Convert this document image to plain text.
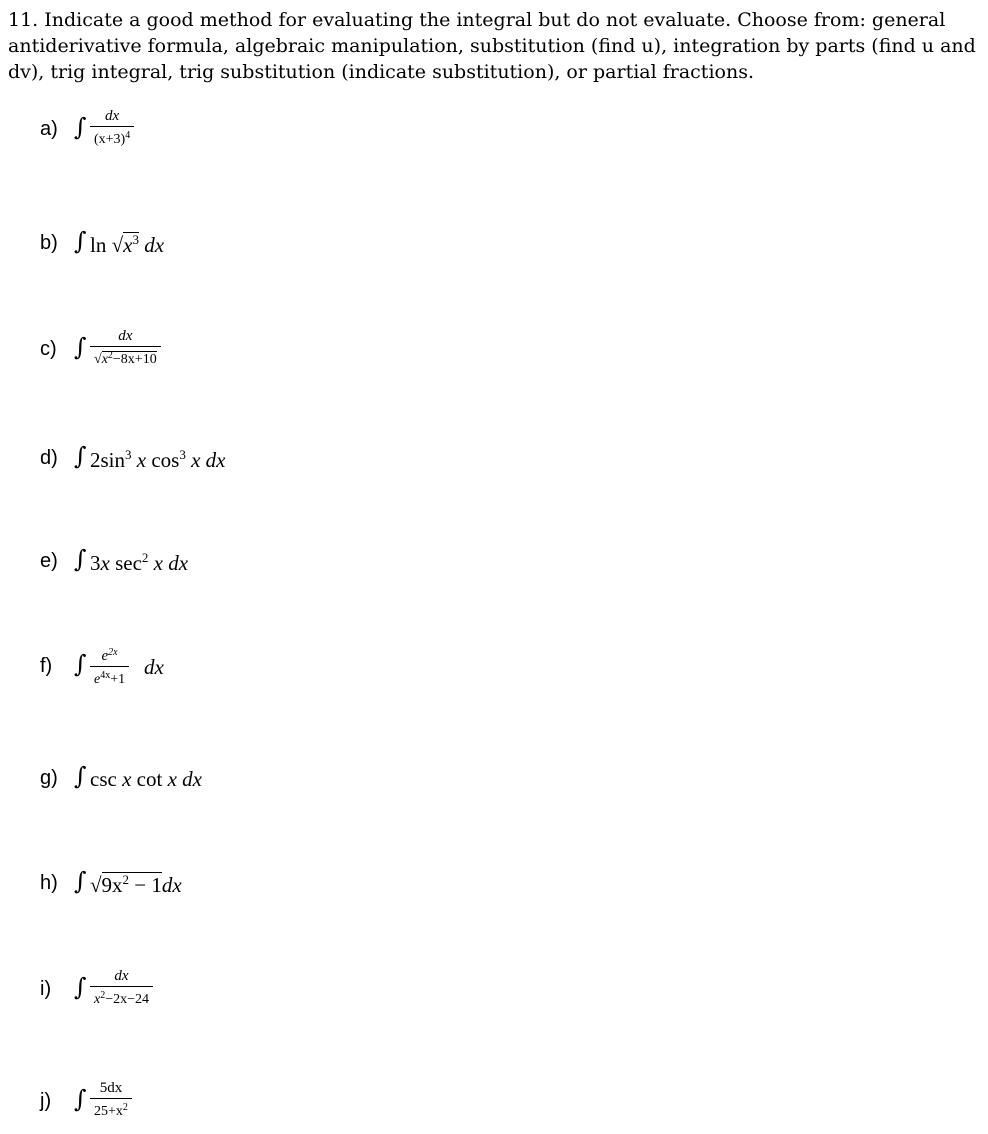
11. Indicate a good method for evaluating the integral but do not evaluate. Choose from: general antiderivative formula, algebraic manipulation, substitution (find u), integration by parts (find u and dv), trig integral, trig substitution (indicate substitution), or partial fractions.

a) ∫ $\frac{dx}{(x+3)^4}$
b) ∫ $\ln √x^3$ dx
c) ∫ $\frac{dx}{√x^2-8x+10}$
d) ∫ $2\sin^3$ x $\cos^3 x$ dx
e) ∫ 3x $\sec^2 x$ dx
f) ∫ $\frac{e^{2x}}{e^{4x}+1}$ dx
g) ∫ csc x cot x dx
h) ∫ $√9x^2 - 1dx$
i) ∫ $\frac{dx}{x^2-2x-24}$
j) ∫ $\frac{5dx}{25+x^2}$
